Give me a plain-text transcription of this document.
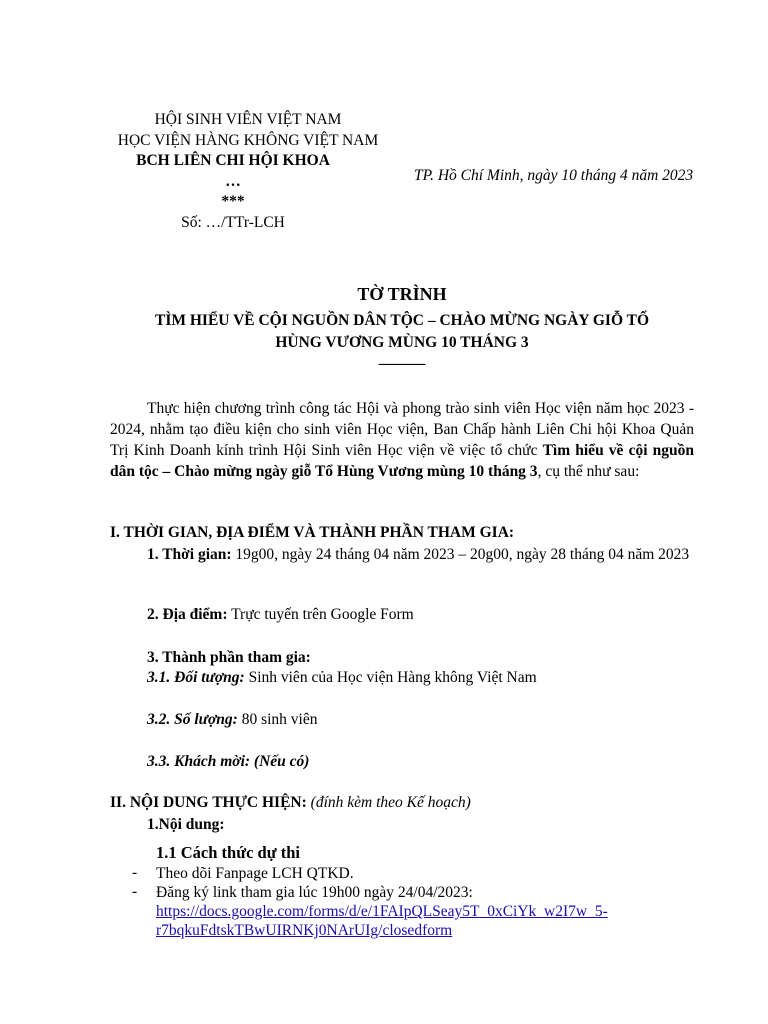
HỘI SINH VIÊN VIỆT NAM
HỌC VIỆN HÀNG KHÔNG VIỆT NAM
BCH LIÊN CHI HỘI KHOA
…
***
Số: …/TTr-LCH
TP. Hồ Chí Minh, ngày 10 tháng 4 năm 2023
TỜ TRÌNH
TÌM HIỂU VỀ CỘI NGUỒN DÂN TỘC – CHÀO MỪNG NGÀY GIỖ TỔ
HÙNG VƯƠNG MÙNG 10 THÁNG 3
______
Thực hiện chương trình công tác Hội và phong trào sinh viên Học viện năm học 2023 - 2024, nhằm tạo điều kiện cho sinh viên Học viện, Ban Chấp hành Liên Chi hội Khoa Quản Trị Kinh Doanh kính trình Hội Sinh viên Học viện về việc tổ chức Tìm hiểu về cội nguồn dân tộc – Chào mừng ngày giỗ Tổ Hùng Vương mùng 10 tháng 3, cụ thể như sau:
I. THỜI GIAN, ĐỊA ĐIỂM VÀ THÀNH PHẦN THAM GIA:
1. Thời gian: 19g00, ngày 24 tháng 04 năm 2023 – 20g00, ngày 28 tháng 04 năm 2023
2. Địa điểm: Trực tuyến trên Google Form
3. Thành phần tham gia:
3.1. Đối tượng: Sinh viên của Học viện Hàng không Việt Nam
3.2. Số lượng: 80 sinh viên
3.3. Khách mời: (Nếu có)
II. NỘI DUNG THỰC HIỆN: (đính kèm theo Kế hoạch)
1.Nội dung:
1.1 Cách thức dự thi
- Theo dõi Fanpage LCH QTKD.
- Đăng ký link tham gia lúc 19h00 ngày 24/04/2023:
https://docs.google.com/forms/d/e/1FAIpQLSeay5T_0xCiYk_w2I7w_5-
r7bqkuFdtskTBwUIRNKj0NArUIg/closedform
